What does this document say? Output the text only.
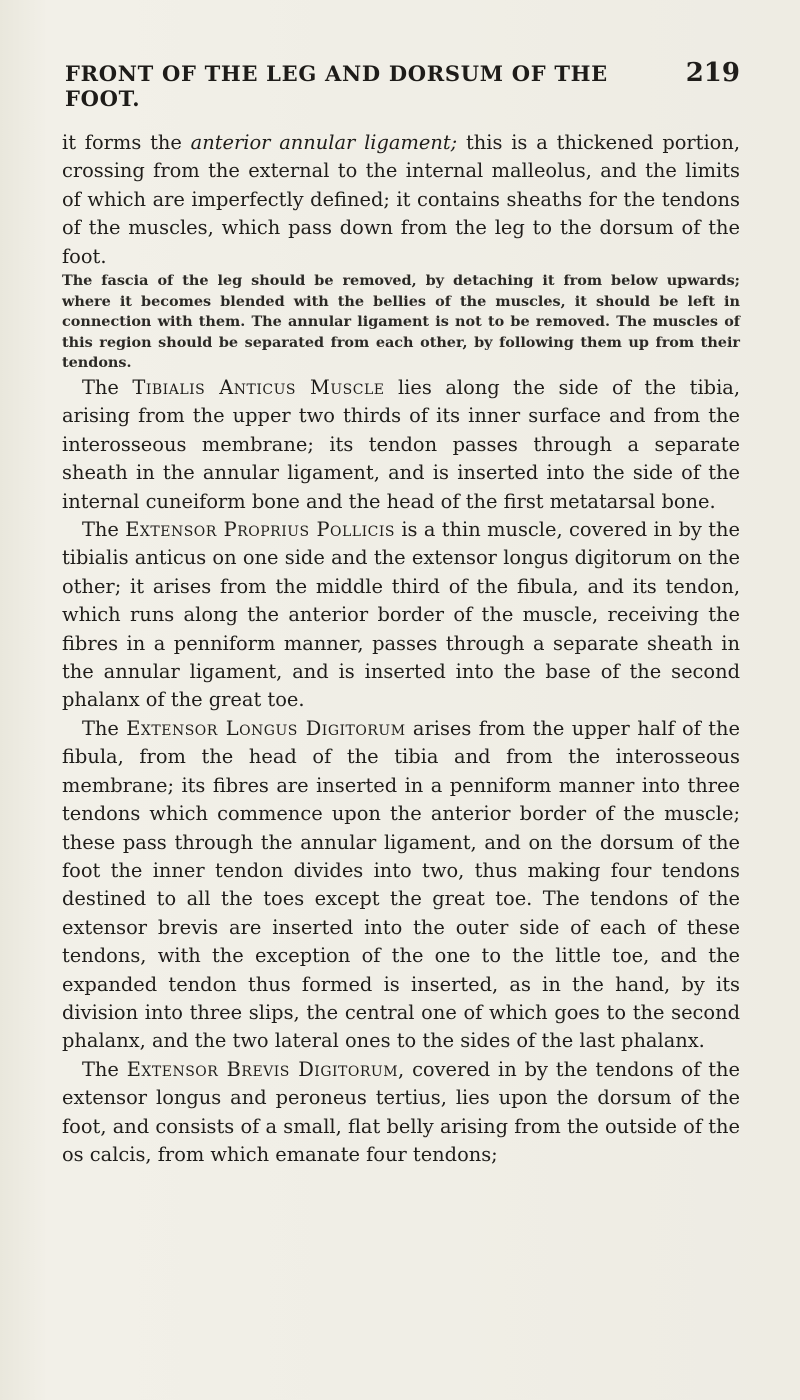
FRONT OF THE LEG AND DORSUM OF THE FOOT.
219

it forms the anterior annular ligament; this is a thickened portion, crossing from the external to the internal malleolus, and the limits of which are imperfectly defined; it contains sheaths for the tendons of the muscles, which pass down from the leg to the dorsum of the foot.

The fascia of the leg should be removed, by detaching it from below upwards; where it becomes blended with the bellies of the muscles, it should be left in connection with them. The annular ligament is not to be removed. The muscles of this region should be separated from each other, by following them up from their tendons.

The Tibialis Anticus Muscle lies along the side of the tibia, arising from the upper two thirds of its inner surface and from the interosseous membrane; its tendon passes through a separate sheath in the annular ligament, and is inserted into the side of the internal cuneiform bone and the head of the first metatarsal bone.

The Extensor Proprius Pollicis is a thin muscle, covered in by the tibialis anticus on one side and the extensor longus digitorum on the other; it arises from the middle third of the fibula, and its tendon, which runs along the anterior border of the muscle, receiving the fibres in a penniform manner, passes through a separate sheath in the annular ligament, and is inserted into the base of the second phalanx of the great toe.

The Extensor Longus Digitorum arises from the upper half of the fibula, from the head of the tibia and from the interosseous membrane; its fibres are inserted in a penniform manner into three tendons which commence upon the anterior border of the muscle; these pass through the annular ligament, and on the dorsum of the foot the inner tendon divides into two, thus making four tendons destined to all the toes except the great toe. The tendons of the extensor brevis are inserted into the outer side of each of these tendons, with the exception of the one to the little toe, and the expanded tendon thus formed is inserted, as in the hand, by its division into three slips, the central one of which goes to the second phalanx, and the two lateral ones to the sides of the last phalanx.

The Extensor Brevis Digitorum, covered in by the tendons of the extensor longus and peroneus tertius, lies upon the dorsum of the foot, and consists of a small, flat belly arising from the outside of the os calcis, from which emanate four tendons;
